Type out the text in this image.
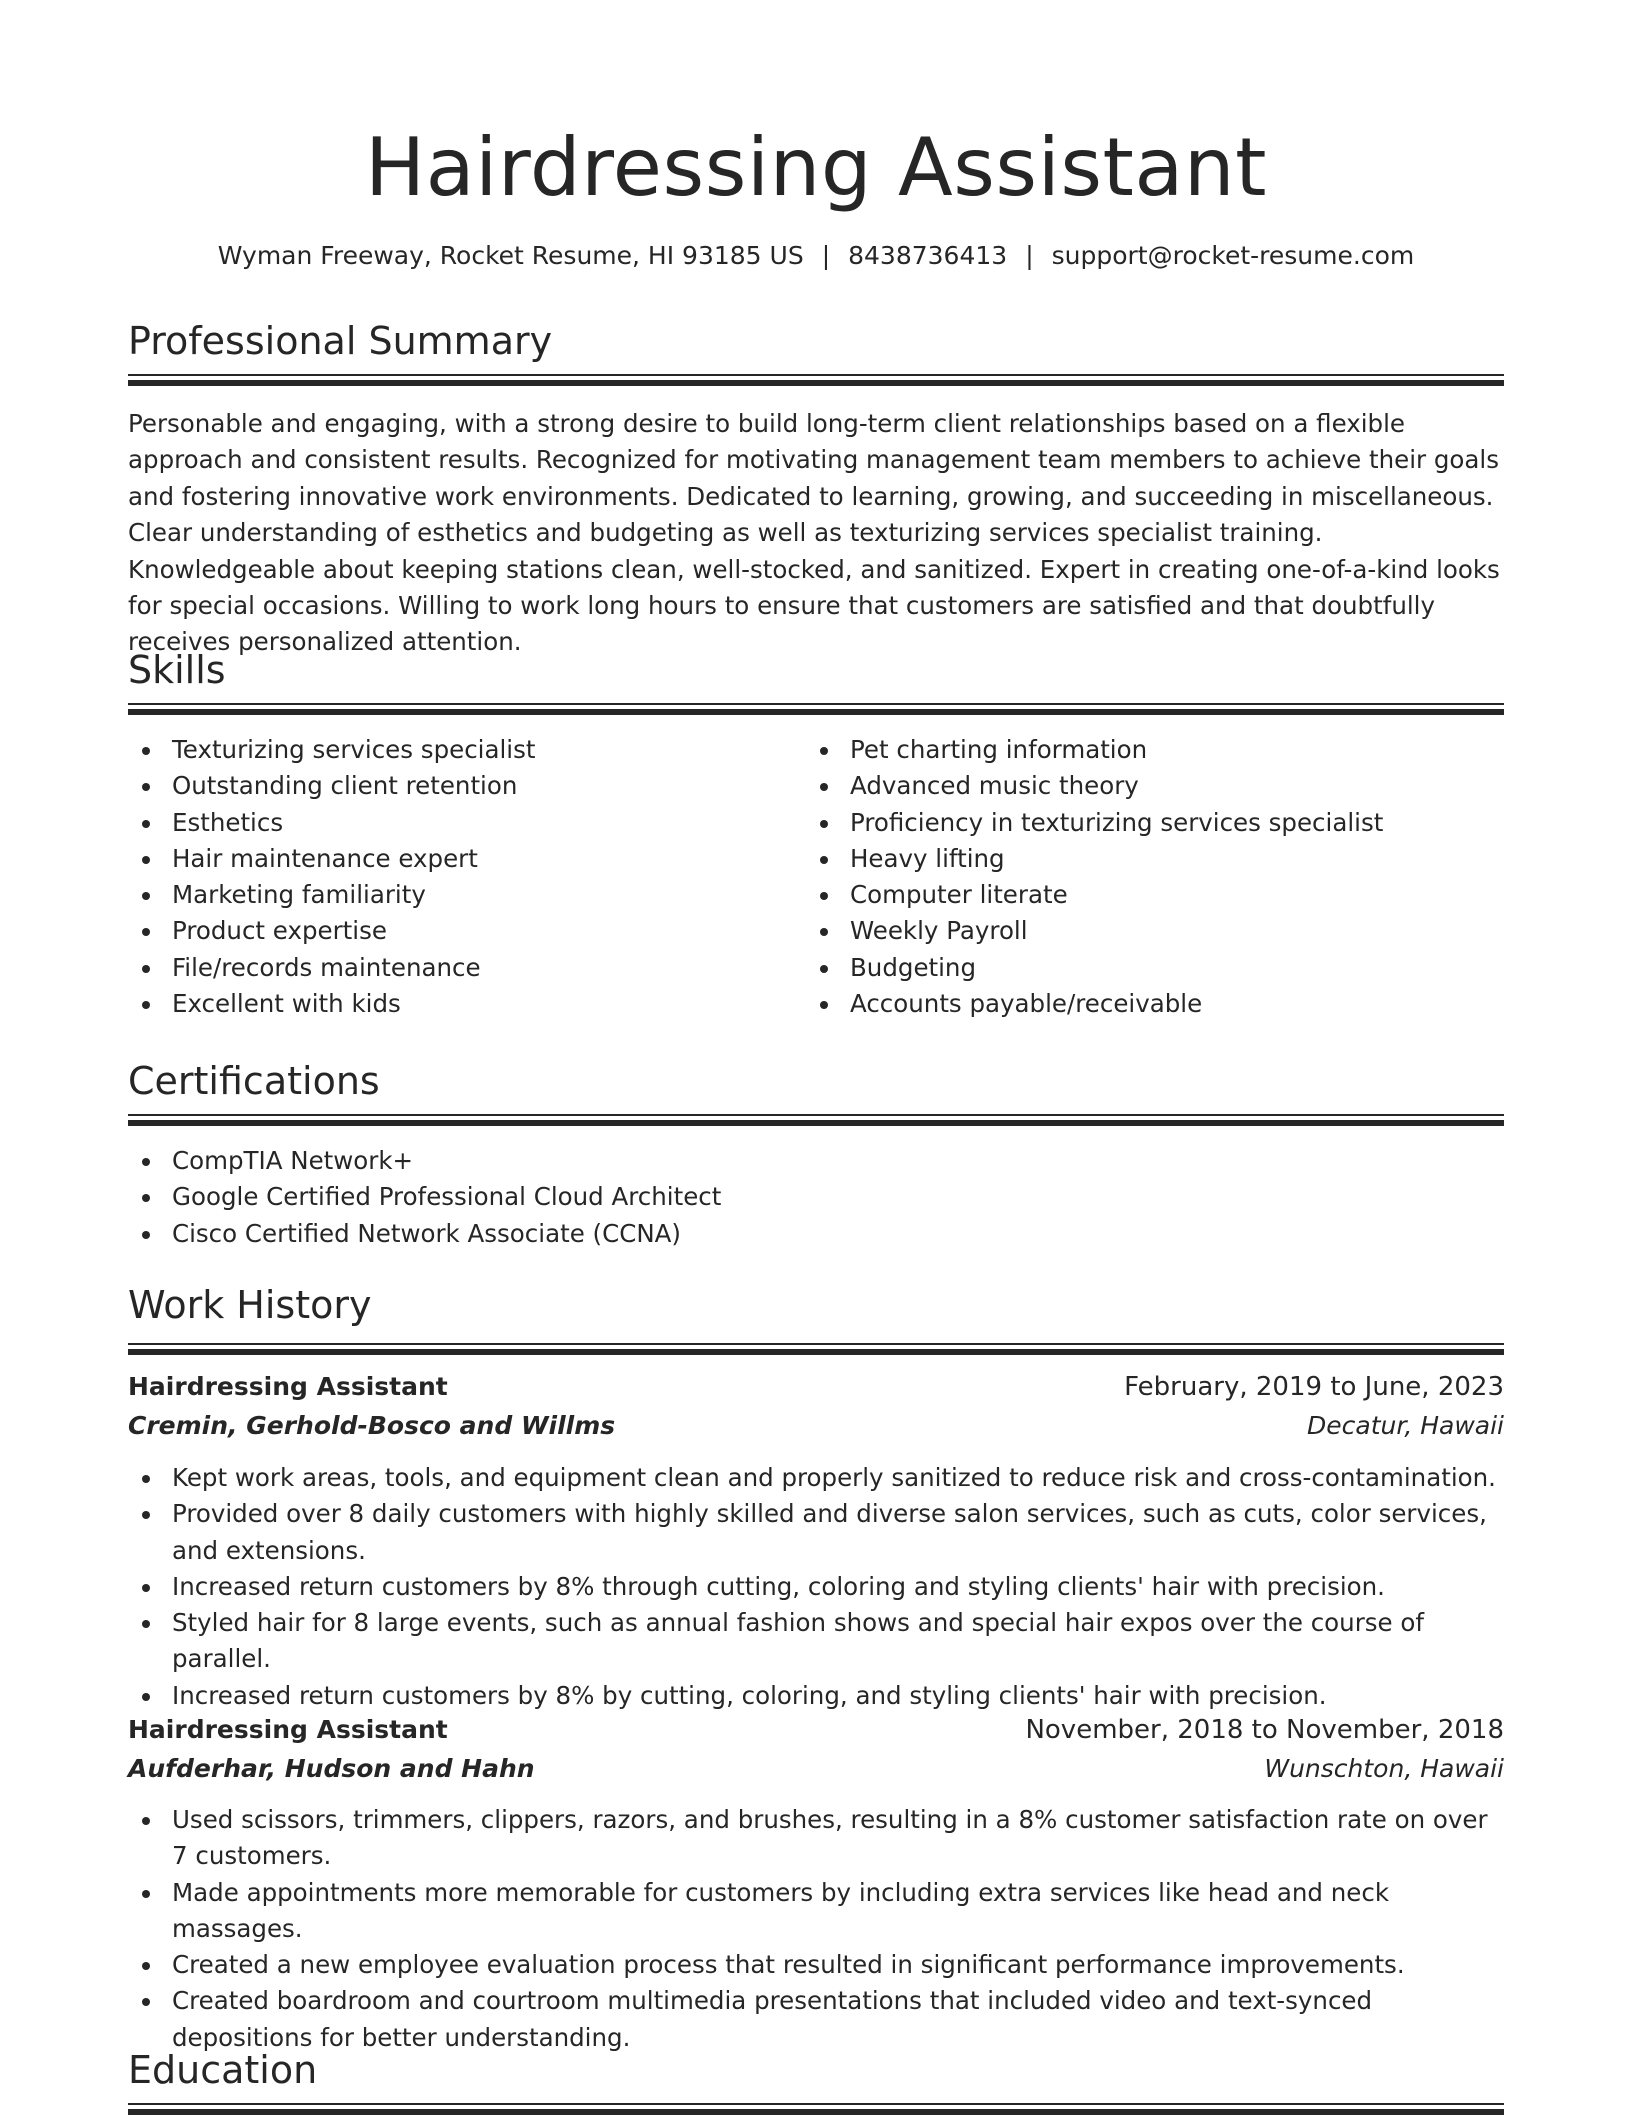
Hairdressing Assistant
Wyman Freeway, Rocket Resume, HI 93185 US | 8438736413 | support@rocket-resume.com
Professional Summary

Personable and engaging, with a strong desire to build long-term client relationships based on a flexible approach and consistent results. Recognized for motivating management team members to achieve their goals and fostering innovative work environments. Dedicated to learning, growing, and succeeding in miscellaneous. Clear understanding of esthetics and budgeting as well as texturizing services specialist training. Knowledgeable about keeping stations clean, well-stocked, and sanitized. Expert in creating one-of-a-kind looks for special occasions. Willing to work long hours to ensure that customers are satisfied and that doubtfully receives personalized attention.

Skills
Texturizing services specialist
Outstanding client retention
Esthetics
Hair maintenance expert
Marketing familiarity
Product expertise
File/records maintenance
Excellent with kids
Pet charting information
Advanced music theory
Proficiency in texturizing services specialist
Heavy lifting
Computer literate
Weekly Payroll
Budgeting
Accounts payable/receivable
Certifications
CompTIA Network+
Google Certified Professional Cloud Architect
Cisco Certified Network Associate (CCNA)
Work History
Hairdressing Assistant	February, 2019 to June, 2023
Cremin, Gerhold-Bosco and Willms	Decatur, Hawaii
Kept work areas, tools, and equipment clean and properly sanitized to reduce risk and cross-contamination.
Provided over 8 daily customers with highly skilled and diverse salon services, such as cuts, color services, and extensions.
Increased return customers by 8% through cutting, coloring and styling clients' hair with precision.
Styled hair for 8 large events, such as annual fashion shows and special hair expos over the course of parallel.
Increased return customers by 8% by cutting, coloring, and styling clients' hair with precision.
Hairdressing Assistant	November, 2018 to November, 2018
Aufderhar, Hudson and Hahn	Wunschton, Hawaii
Used scissors, trimmers, clippers, razors, and brushes, resulting in a 8% customer satisfaction rate on over 7 customers.
Made appointments more memorable for customers by including extra services like head and neck massages.
Created a new employee evaluation process that resulted in significant performance improvements.
Created boardroom and courtroom multimedia presentations that included video and text-synced depositions for better understanding.
Education
